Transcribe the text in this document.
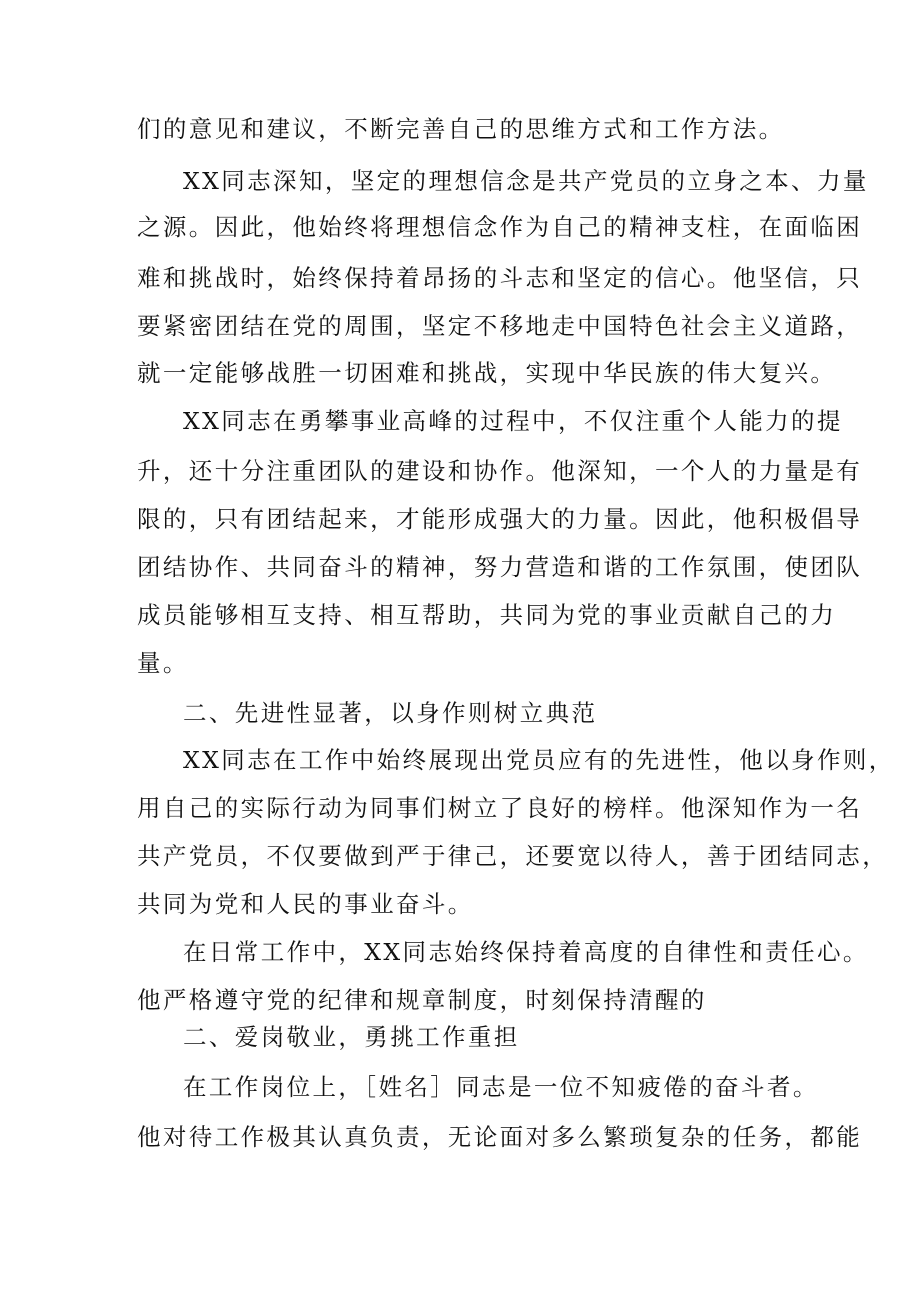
们的意见和建议，不断完善自己的思维方式和工作方法。
XX同志深知，坚定的理想信念是共产党员的立身之本、力量
之源。因此，他始终将理想信念作为自己的精神支柱，在面临困
难和挑战时，始终保持着昂扬的斗志和坚定的信心。他坚信，只
要紧密团结在党的周围，坚定不移地走中国特色社会主义道路，
就一定能够战胜一切困难和挑战，实现中华民族的伟大复兴。
XX同志在勇攀事业高峰的过程中，不仅注重个人能力的提
升，还十分注重团队的建设和协作。他深知，一个人的力量是有
限的，只有团结起来，才能形成强大的力量。因此，他积极倡导
团结协作、共同奋斗的精神，努力营造和谐的工作氛围，使团队
成员能够相互支持、相互帮助，共同为党的事业贡献自己的力
量。
二、先进性显著，以身作则树立典范
XX同志在工作中始终展现出党员应有的先进性，他以身作则，
用自己的实际行动为同事们树立了良好的榜样。他深知作为一名
共产党员，不仅要做到严于律己，还要宽以待人，善于团结同志，
共同为党和人民的事业奋斗。
在日常工作中，XX同志始终保持着高度的自律性和责任心。
他严格遵守党的纪律和规章制度，时刻保持清醒的
二、爱岗敬业，勇挑工作重担
在工作岗位上，［姓名］同志是一位不知疲倦的奋斗者。
他对待工作极其认真负责，无论面对多么繁琐复杂的任务，都能
